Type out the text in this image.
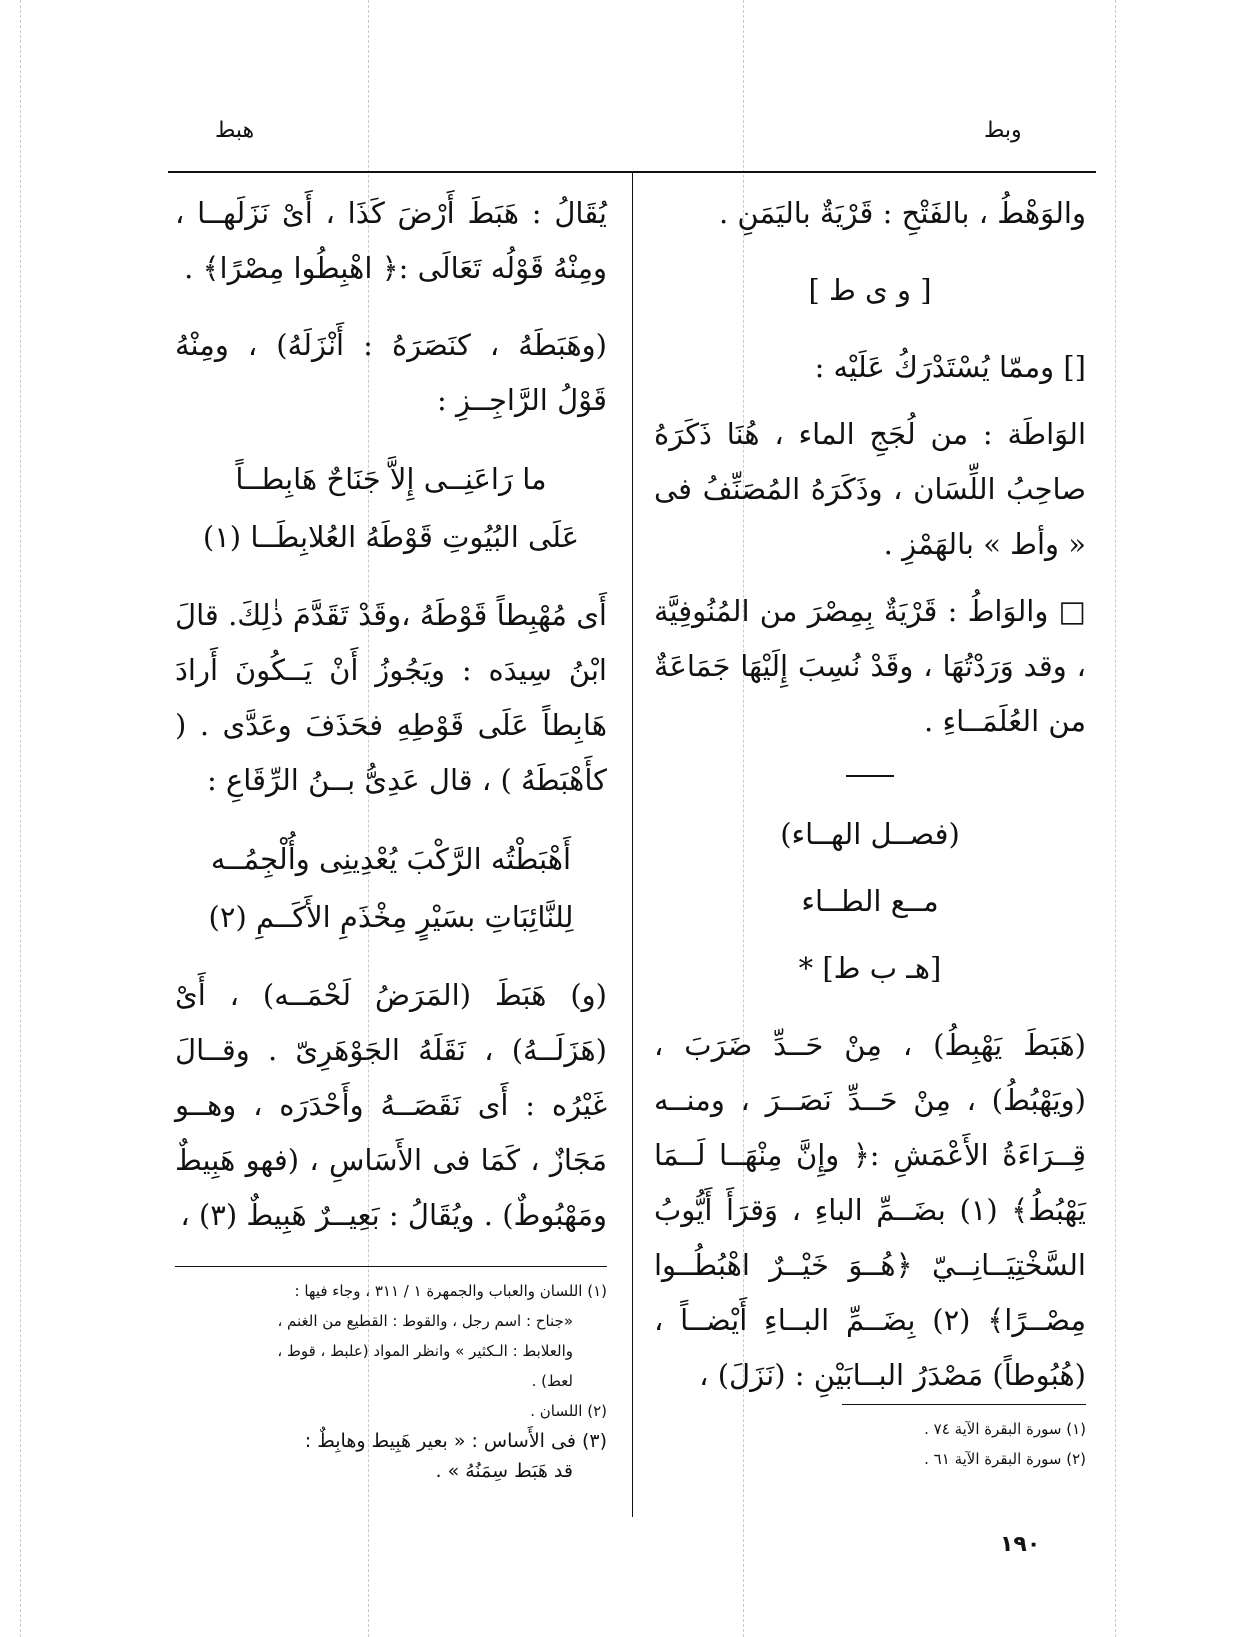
هبط	وبط

والوَهْطُ ، بالفَتْحِ : قَرْيَةٌ باليَمَنِ .

[ و ى ط ]

[] وممّا يُسْتَدْرَكُ عَلَيْه :

الوَاطَة : من لُجَجِ الماء ، هُنَا ذَكَرَهُ صاحِبُ اللِّسَان ، وذَكَرَهُ المُصَنِّفُ فى « وأط » بالهَمْزِ .

□ والوَاطُ : قَرْيَةٌ بِمِصْرَ من المُنُوفِيَّة ، وقد وَرَدْتُهَا ، وقَدْ نُسِبَ إِلَيْهَا جَمَاعَةٌ من العُلَمَــاءِ .

(فصــل الهــاء)

مــع الطــاء

[هـ ب ط] *

(هَبَطَ يَهْبِطُ) ، مِنْ حَــدِّ ضَرَبَ ، (ويَهْبُطُ) ، مِنْ حَــدِّ نَصَــرَ ، ومنــه قِــرَاءَةُ الأَعْمَشِ :﴿ وإِنَّ مِنْهَــا لَــمَا يَهْبُطُ﴾ (١) بضَــمِّ الباءِ ، وَقرَأَ أَيُّوبُ السَّخْتِيَــانِــيّ ﴿هُــوَ خَيْــرٌ اهْبُطُــوا مِصْــرًا﴾ (٢) بِضَــمِّ البــاءِ أَيْضــاً ، (هُبُوطاً) مَصْدَرُ البــابَيْنِ : (نَزَلَ) ،

(١) سورة البقرة الآية ٧٤ .

(٢) سورة البقرة الآية ٦١ .

يُقَالُ : هَبَطَ أَرْضَ كَذَا ، أَىْ نَزَلَهــا ، ومِنْهُ قَوْلُه تَعَالَى :﴿ اهْبِطُوا مِصْرًا﴾ .

(وهَبَطَهُ ، كنَصَرَهُ : أَنْزَلَهُ) ، ومِنْهُ قَوْلُ الرَّاجِــزِ :

ما رَاعَنِــى إِلاَّ جَنَاحٌ هَابِطــاً

عَلَى البُيُوتِ قَوْطَهُ العُلابِطَــا (١)

أَى مُهْبِطاً قَوْطَهُ ،وقَدْ تَقَدَّمَ ذٰلِكَ. قالَ ابْنُ سِيدَه : ويَجُوزُ أَنْ يَــكُونَ أَرادَ هَابِطاً عَلَى قَوْطِهِ فحَذَفَ وعَدَّى . ( كأَهْبَطَهُ ) ، قال عَدِىُّ بــنُ الرِّقَاعِ :

أَهْبَطْتُه الرَّكْبَ يُعْدِينِى وأُلْجِمُــه

لِلنَّائِبَاتِ بسَيْرٍ مِخْذَمِ الأَكَــمِ (٢)

(و) هَبَطَ (المَرَضُ لَحْمَــه) ، أَىْ (هَزَلَــهُ) ، نَقَلَهُ الجَوْهَرِىّ . وقــالَ غَيْرُه : أَى نَقَصَــهُ وأَحْدَرَه ، وهــو مَجَازٌ ، كَمَا فى الأَسَاسِ ، (فهو هَبِيطٌ ومَهْبُوطٌ) . ويُقَالُ : بَعِيــرٌ هَبِيطٌ (٣) ،

(١) اللسان والعباب والجمهرة ١ / ٣١١ ، وجاء فيها :

«جناح : اسم رجل ، والقوط : القطيع من الغنم ،

والعلابط : الـكثير » وانظر المواد (علبط ، قوط ،

لعط) .

(٢) اللسان .

(٣) فى الأَساس : « بعير هَبِيط وهابِطٌ :

قد هَبَط سِمَنُهُ » .

١٩٠
